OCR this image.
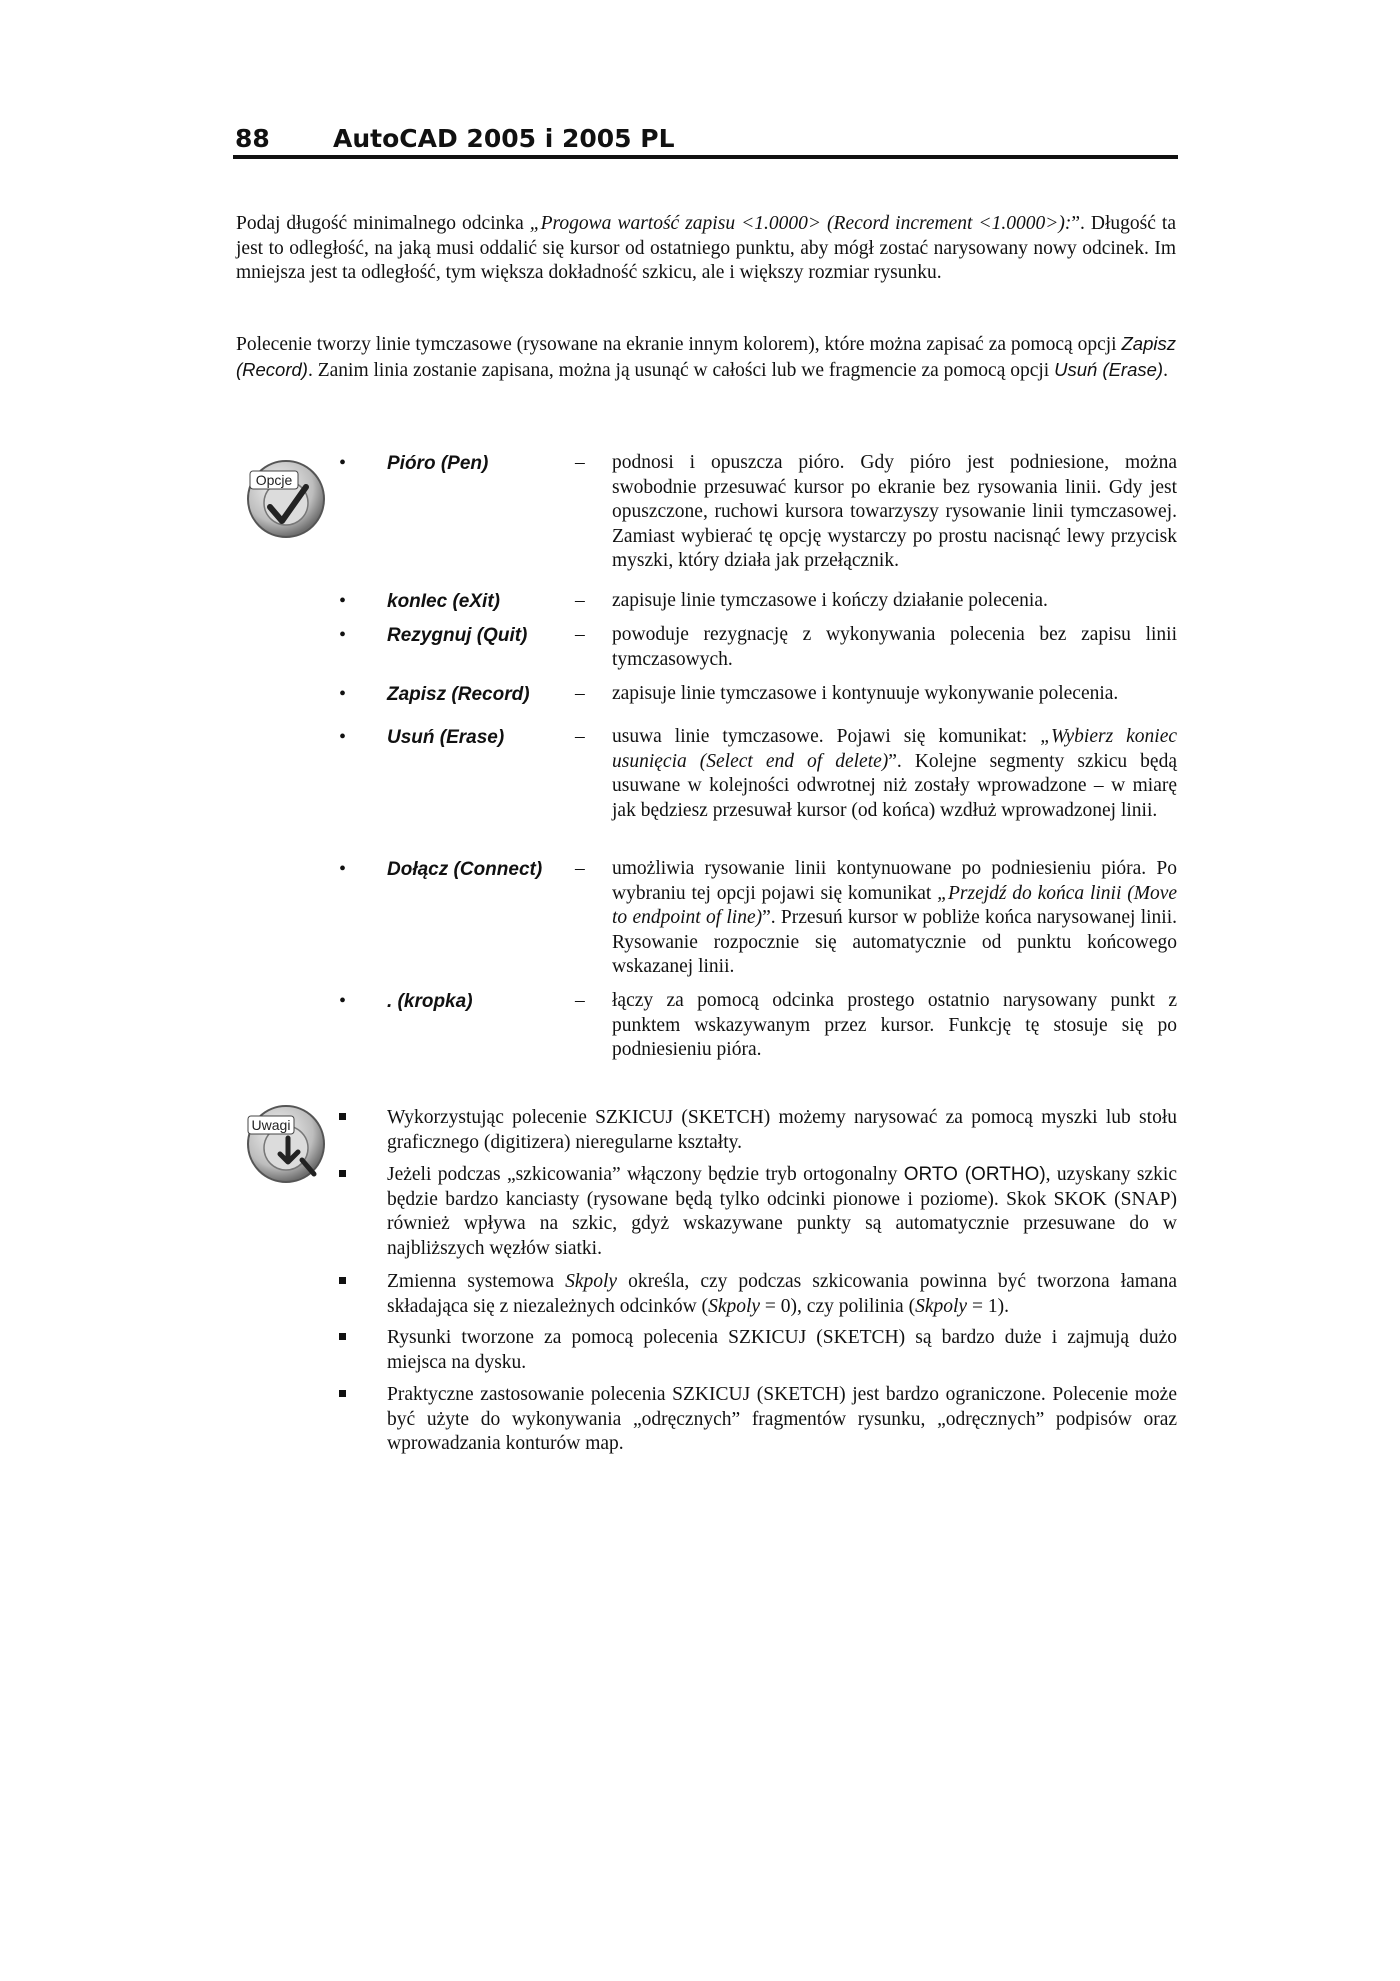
88	AutoCAD 2005 i 2005 PL
Podaj długość minimalnego odcinka „Progowa wartość zapisu <1.0000> (Record increment <1.0000>):”. Długość ta jest to odległość, na jaką musi oddalić się kursor od ostatniego punktu, aby mógł zostać narysowany nowy odcinek. Im mniejsza jest ta odległość, tym większa dokładność szkicu, ale i większy rozmiar rysunku.
Polecenie tworzy linie tymczasowe (rysowane na ekranie innym kolorem), które można zapisać za pomocą opcji Zapisz (Record). Zanim linia zostanie zapisana, można ją usunąć w całości lub we fragmencie za pomocą opcji Usuń (Erase).
Opcje
• Pióro (Pen)	– podnosi i opuszcza pióro. Gdy pióro jest podniesione, można swobodnie przesuwać kursor po ekranie bez rysowania linii. Gdy jest opuszczone, ruchowi kursora towarzyszy rysowanie linii tymczasowej. Zamiast wybierać tę opcję wystarczy po prostu nacisnąć lewy przycisk myszki, który działa jak przełącznik.
• konIec (eXit)	– zapisuje linie tymczasowe i kończy działanie polecenia.
• Rezygnuj (Quit) – powoduje rezygnację z wykonywania polecenia bez zapisu linii tymczasowych.
• Zapisz (Record) – zapisuje linie tymczasowe i kontynuuje wykonywanie polecenia.
• Usuń (Erase)	– usuwa linie tymczasowe. Pojawi się komunikat: „Wybierz koniec usunięcia (Select end of delete)”. Kolejne segmenty szkicu będą usuwane w kolejności odwrotnej niż zostały wprowadzone – w miarę jak będziesz przesuwał kursor (od końca) wzdłuż wprowadzonej linii.
• Dołącz (Connect) – umożliwia rysowanie linii kontynuowane po podniesieniu pióra. Po wybraniu tej opcji pojawi się komunikat „Przejdź do końca linii (Move to endpoint of line)”. Przesuń kursor w pobliże końca narysowanej linii. Rysowanie rozpocznie się automatycznie od punktu końcowego wskazanej linii.
• . (kropka)	– łączy za pomocą odcinka prostego ostatnio narysowany punkt z punktem wskazywanym przez kursor. Funkcję tę stosuje się po podniesieniu pióra.
Uwagi	Wykorzystując polecenie SZKICUJ (SKETCH) możemy narysować za pomocą myszki lub stołu graficznego (digitizera) nieregularne kształty.
Jeżeli podczas „szkicowania” włączony będzie tryb ortogonalny ORTO (ORTHO), uzyskany szkic będzie bardzo kanciasty (rysowane będą tylko odcinki pionowe i poziome). Skok SKOK (SNAP) również wpływa na szkic, gdyż wskazywane punkty są automatycznie przesuwane do w najbliższych węzłów siatki.
Zmienna systemowa Skpoly określa, czy podczas szkicowania powinna być tworzona łamana składająca się z niezależnych odcinków (Skpoly = 0), czy polilinia (Skpoly = 1).
Rysunki tworzone za pomocą polecenia SZKICUJ (SKETCH) są bardzo duże i zajmują dużo miejsca na dysku.
Praktyczne zastosowanie polecenia SZKICUJ (SKETCH) jest bardzo ograniczone. Polecenie może być użyte do wykonywania „odręcznych” fragmentów rysunku, „odręcznych” podpisów oraz wprowadzania konturów map.
